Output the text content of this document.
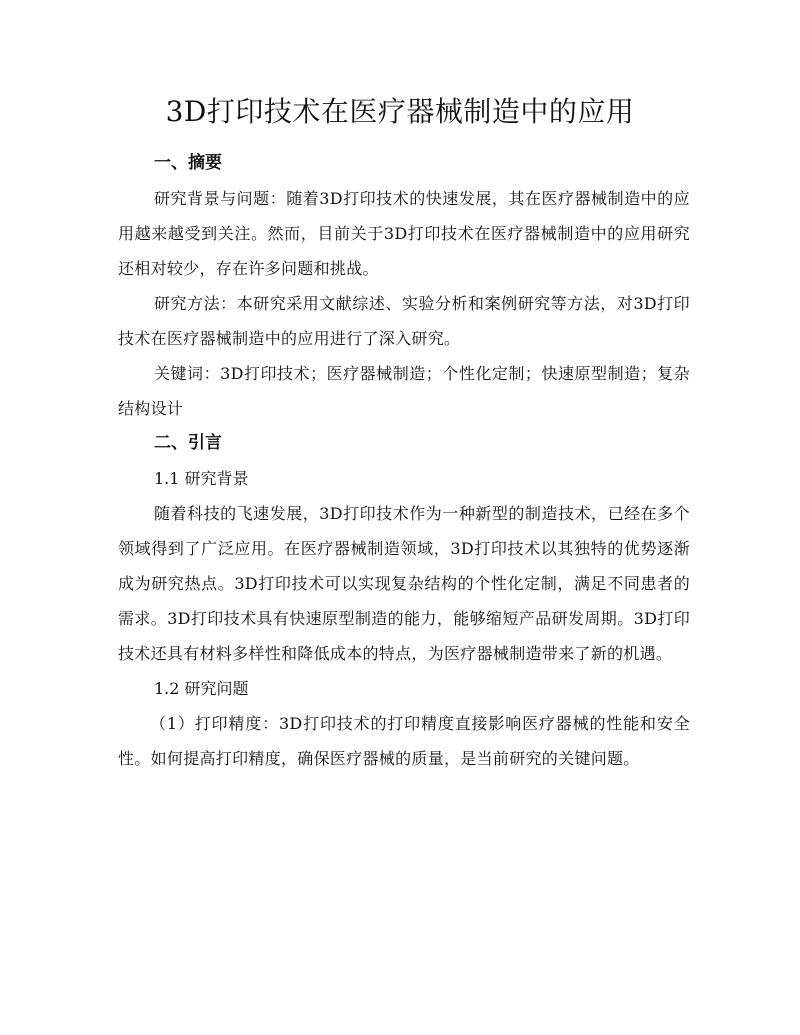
3D打印技术在医疗器械制造中的应用

一、摘要

研究背景与问题：随着3D打印技术的快速发展，其在医疗器械制造中的应用越来越受到关注。然而，目前关于3D打印技术在医疗器械制造中的应用研究还相对较少，存在许多问题和挑战。

研究方法：本研究采用文献综述、实验分析和案例研究等方法，对3D打印技术在医疗器械制造中的应用进行了深入研究。

关键词：3D打印技术；医疗器械制造；个性化定制；快速原型制造；复杂结构设计

二、引言

1.1 研究背景

随着科技的飞速发展，3D打印技术作为一种新型的制造技术，已经在多个领域得到了广泛应用。在医疗器械制造领域，3D打印技术以其独特的优势逐渐成为研究热点。3D打印技术可以实现复杂结构的个性化定制，满足不同患者的需求。3D打印技术具有快速原型制造的能力，能够缩短产品研发周期。3D打印技术还具有材料多样性和降低成本的特点，为医疗器械制造带来了新的机遇。

1.2 研究问题

（1）打印精度：3D打印技术的打印精度直接影响医疗器械的性能和安全性。如何提高打印精度，确保医疗器械的质量，是当前研究的关键问题。
